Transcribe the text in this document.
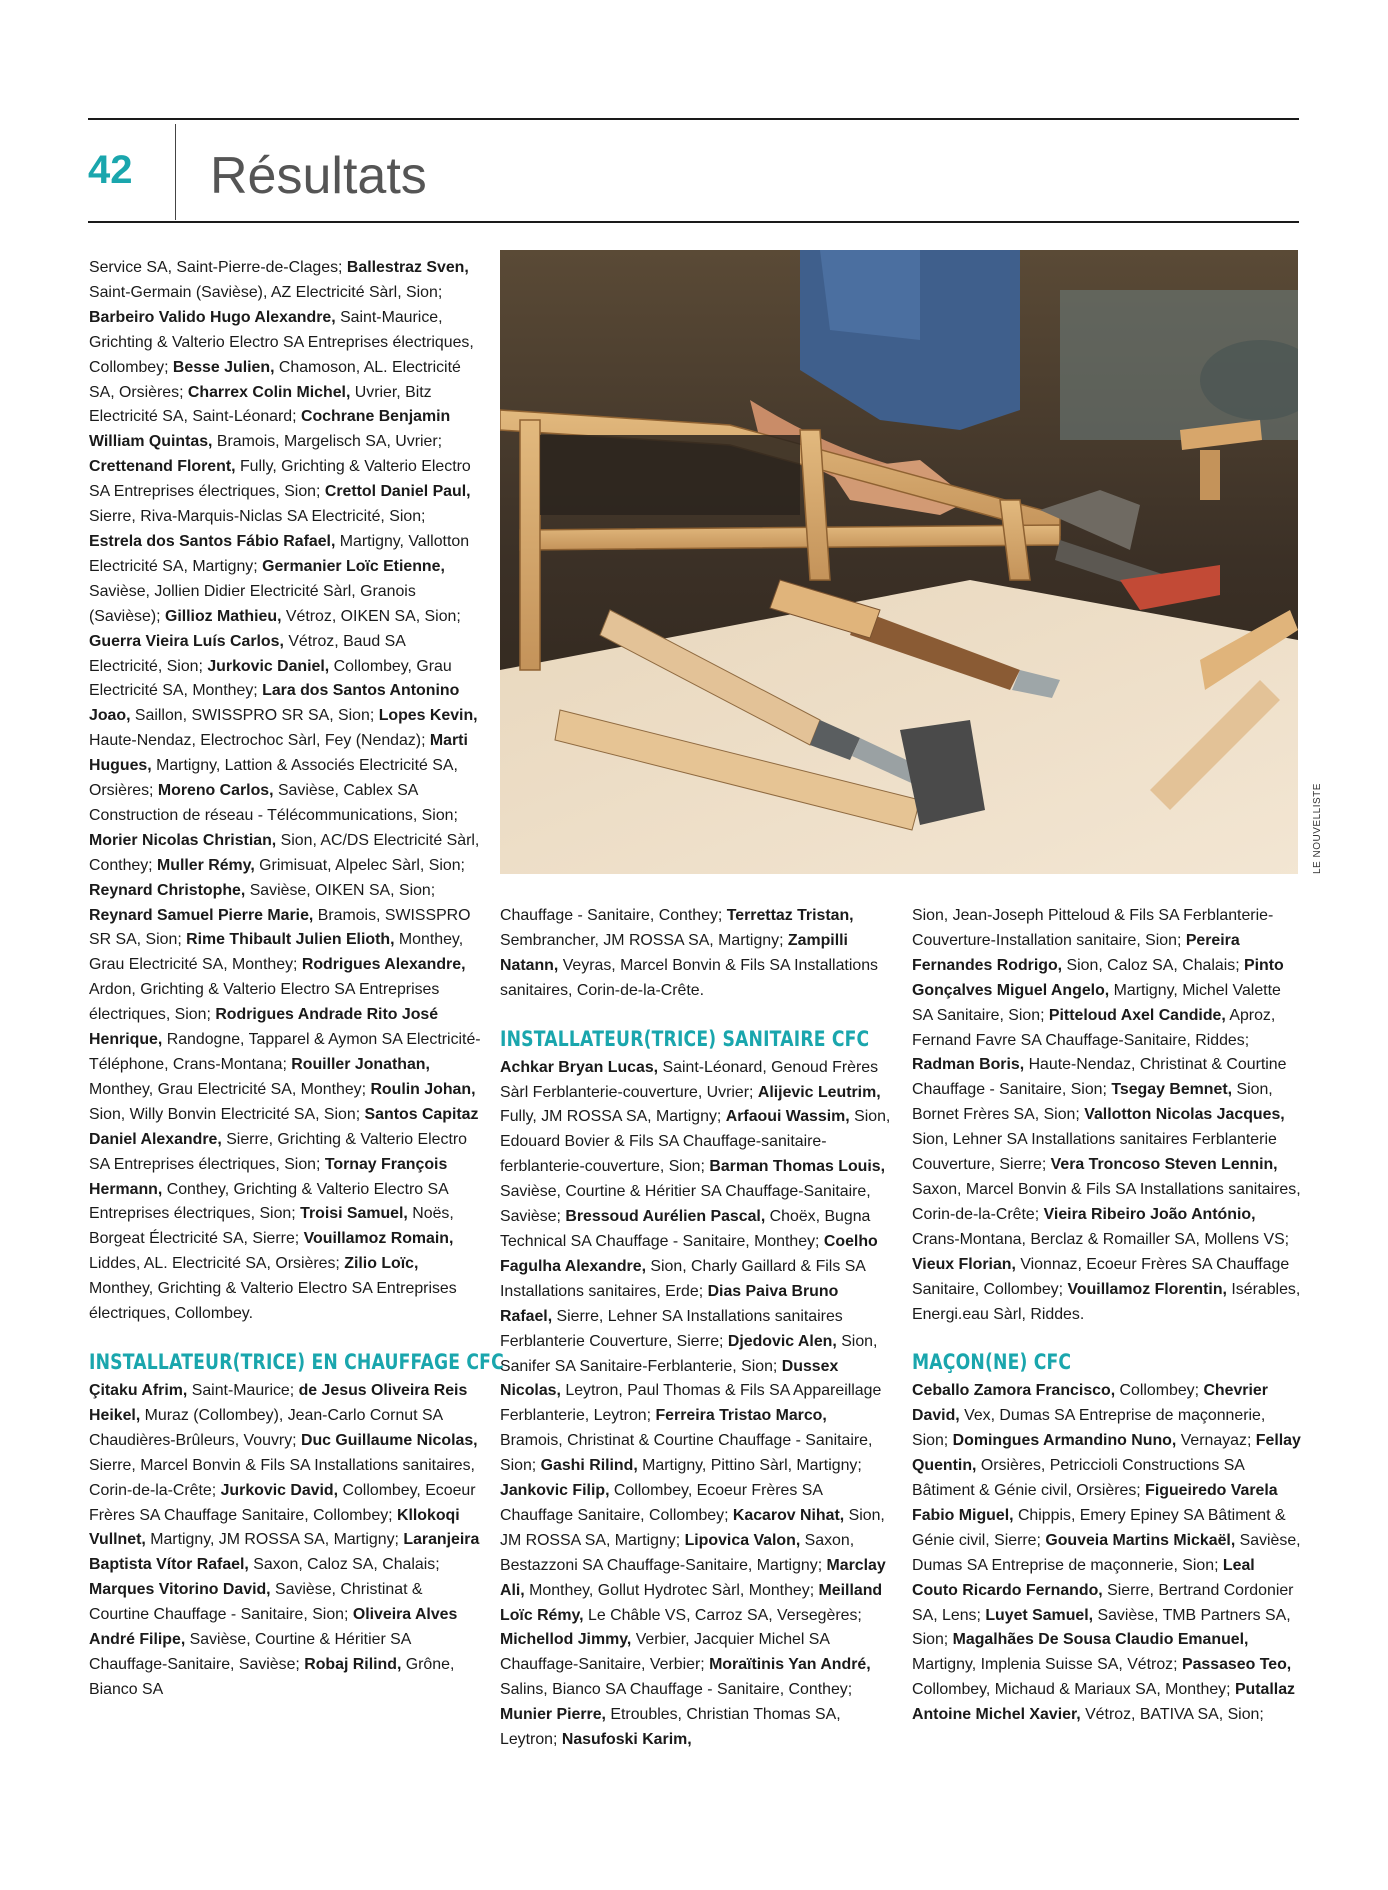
42 Résultats

Service SA, Saint-Pierre-de-Clages; Ballestraz Sven, Saint-Germain (Savièse), AZ Electricité Sàrl, Sion; Barbeiro Valido Hugo Alexandre, Saint-Maurice, Grichting & Valterio Electro SA Entreprises électriques, Collombey; Besse Julien, Chamoson, AL. Electricité SA, Orsières; Charrex Colin Michel, Uvrier, Bitz Electricité SA, Saint-Léonard; Cochrane Benjamin William Quintas, Bramois, Margelisch SA, Uvrier; Crettenand Florent, Fully, Grichting & Valterio Electro SA Entreprises électriques, Sion; Crettol Daniel Paul, Sierre, Riva-Marquis-Niclas SA Electricité, Sion; Estrela dos Santos Fábio Rafael, Martigny, Vallotton Electricité SA, Martigny; Germanier Loïc Etienne, Savièse, Jollien Didier Electricité Sàrl, Granois (Savièse); Gillioz Mathieu, Vétroz, OIKEN SA, Sion; Guerra Vieira Luís Carlos, Vétroz, Baud SA Electricité, Sion; Jurkovic Daniel, Collombey, Grau Electricité SA, Monthey; Lara dos Santos Antonino Joao, Saillon, SWISSPRO SR SA, Sion; Lopes Kevin, Haute-Nendaz, Electrochoc Sàrl, Fey (Nendaz); Marti Hugues, Martigny, Lattion & Associés Electricité SA, Orsières; Moreno Carlos, Savièse, Cablex SA Construction de réseau - Télécommunications, Sion; Morier Nicolas Christian, Sion, AC/DS Electricité Sàrl, Conthey; Muller Rémy, Grimisuat, Alpelec Sàrl, Sion; Reynard Christophe, Savièse, OIKEN SA, Sion; Reynard Samuel Pierre Marie, Bramois, SWISSPRO SR SA, Sion; Rime Thibault Julien Elioth, Monthey, Grau Electricité SA, Monthey; Rodrigues Alexandre, Ardon, Grichting & Valterio Electro SA Entreprises électriques, Sion; Rodrigues Andrade Rito José Henrique, Randogne, Tapparel & Aymon SA Electricité-Téléphone, Crans-Montana; Rouiller Jonathan, Monthey, Grau Electricité SA, Monthey; Roulin Johan, Sion, Willy Bonvin Electricité SA, Sion; Santos Capitaz Daniel Alexandre, Sierre, Grichting & Valterio Electro SA Entreprises électriques, Sion; Tornay François Hermann, Conthey, Grichting & Valterio Electro SA Entreprises électriques, Sion; Troisi Samuel, Noës, Borgeat Électricité SA, Sierre; Vouillamoz Romain, Liddes, AL. Electricité SA, Orsières; Zilio Loïc, Monthey, Grichting & Valterio Electro SA Entreprises électriques, Collombey.

INSTALLATEUR(TRICE) EN CHAUFFAGE CFC

Çitaku Afrim, Saint-Maurice; de Jesus Oliveira Reis Heikel, Muraz (Collombey), Jean-Carlo Cornut SA Chaudières-Brûleurs, Vouvry; Duc Guillaume Nicolas, Sierre, Marcel Bonvin & Fils SA Installations sanitaires, Corin-de-la-Crête; Jurkovic David, Collombey, Ecoeur Frères SA Chauffage Sanitaire, Collombey; Kllokoqi Vullnet, Martigny, JM ROSSA SA, Martigny; Laranjeira Baptista Vítor Rafael, Saxon, Caloz SA, Chalais; Marques Vitorino David, Savièse, Christinat & Courtine Chauffage - Sanitaire, Sion; Oliveira Alves André Filipe, Savièse, Courtine & Héritier SA Chauffage-Sanitaire, Savièse; Robaj Rilind, Grône, Bianco SA

LE NOUVELLISTE

Chauffage - Sanitaire, Conthey; Terrettaz Tristan, Sembrancher, JM ROSSA SA, Martigny; Zampilli Natann, Veyras, Marcel Bonvin & Fils SA Installations sanitaires, Corin-de-la-Crête.

INSTALLATEUR(TRICE) SANITAIRE CFC

Achkar Bryan Lucas, Saint-Léonard, Genoud Frères Sàrl Ferblanterie-couverture, Uvrier; Alijevic Leutrim, Fully, JM ROSSA SA, Martigny; Arfaoui Wassim, Sion, Edouard Bovier & Fils SA Chauffage-sanitaire-ferblanterie-couverture, Sion; Barman Thomas Louis, Savièse, Courtine & Héritier SA Chauffage-Sanitaire, Savièse; Bressoud Aurélien Pascal, Choëx, Bugna Technical SA Chauffage - Sanitaire, Monthey; Coelho Fagulha Alexandre, Sion, Charly Gaillard & Fils SA Installations sanitaires, Erde; Dias Paiva Bruno Rafael, Sierre, Lehner SA Installations sanitaires Ferblanterie Couverture, Sierre; Djedovic Alen, Sion, Sanifer SA Sanitaire-Ferblanterie, Sion; Dussex Nicolas, Leytron, Paul Thomas & Fils SA Appareillage Ferblanterie, Leytron; Ferreira Tristao Marco, Bramois, Christinat & Courtine Chauffage - Sanitaire, Sion; Gashi Rilind, Martigny, Pittino Sàrl, Martigny; Jankovic Filip, Collombey, Ecoeur Frères SA Chauffage Sanitaire, Collombey; Kacarov Nihat, Sion, JM ROSSA SA, Martigny; Lipovica Valon, Saxon, Bestazzoni SA Chauffage-Sanitaire, Martigny; Marclay Ali, Monthey, Gollut Hydrotec Sàrl, Monthey; Meilland Loïc Rémy, Le Châble VS, Carroz SA, Versegères; Michellod Jimmy, Verbier, Jacquier Michel SA Chauffage-Sanitaire, Verbier; Moraïtinis Yan André, Salins, Bianco SA Chauffage - Sanitaire, Conthey; Munier Pierre, Etroubles, Christian Thomas SA, Leytron; Nasufoski Karim,

Sion, Jean-Joseph Pitteloud & Fils SA Ferblanterie-Couverture-Installation sanitaire, Sion; Pereira Fernandes Rodrigo, Sion, Caloz SA, Chalais; Pinto Gonçalves Miguel Angelo, Martigny, Michel Valette SA Sanitaire, Sion; Pitteloud Axel Candide, Aproz, Fernand Favre SA Chauffage-Sanitaire, Riddes; Radman Boris, Haute-Nendaz, Christinat & Courtine Chauffage - Sanitaire, Sion; Tsegay Bemnet, Sion, Bornet Frères SA, Sion; Vallotton Nicolas Jacques, Sion, Lehner SA Installations sanitaires Ferblanterie Couverture, Sierre; Vera Troncoso Steven Lennin, Saxon, Marcel Bonvin & Fils SA Installations sanitaires, Corin-de-la-Crête; Vieira Ribeiro João António, Crans-Montana, Berclaz & Romailler SA, Mollens VS; Vieux Florian, Vionnaz, Ecoeur Frères SA Chauffage Sanitaire, Collombey; Vouillamoz Florentin, Isérables, Energi.eau Sàrl, Riddes.

MAÇON(NE) CFC

Ceballo Zamora Francisco, Collombey; Chevrier David, Vex, Dumas SA Entreprise de maçonnerie, Sion; Domingues Armandino Nuno, Vernayaz; Fellay Quentin, Orsières, Petriccioli Constructions SA Bâtiment & Génie civil, Orsières; Figueiredo Varela Fabio Miguel, Chippis, Emery Epiney SA Bâtiment & Génie civil, Sierre; Gouveia Martins Mickaël, Savièse, Dumas SA Entreprise de maçonnerie, Sion; Leal Couto Ricardo Fernando, Sierre, Bertrand Cordonier SA, Lens; Luyet Samuel, Savièse, TMB Partners SA, Sion; Magalhães De Sousa Claudio Emanuel, Martigny, Implenia Suisse SA, Vétroz; Passaseo Teo, Collombey, Michaud & Mariaux SA, Monthey; Putallaz Antoine Michel Xavier, Vétroz, BATIVA SA, Sion;
